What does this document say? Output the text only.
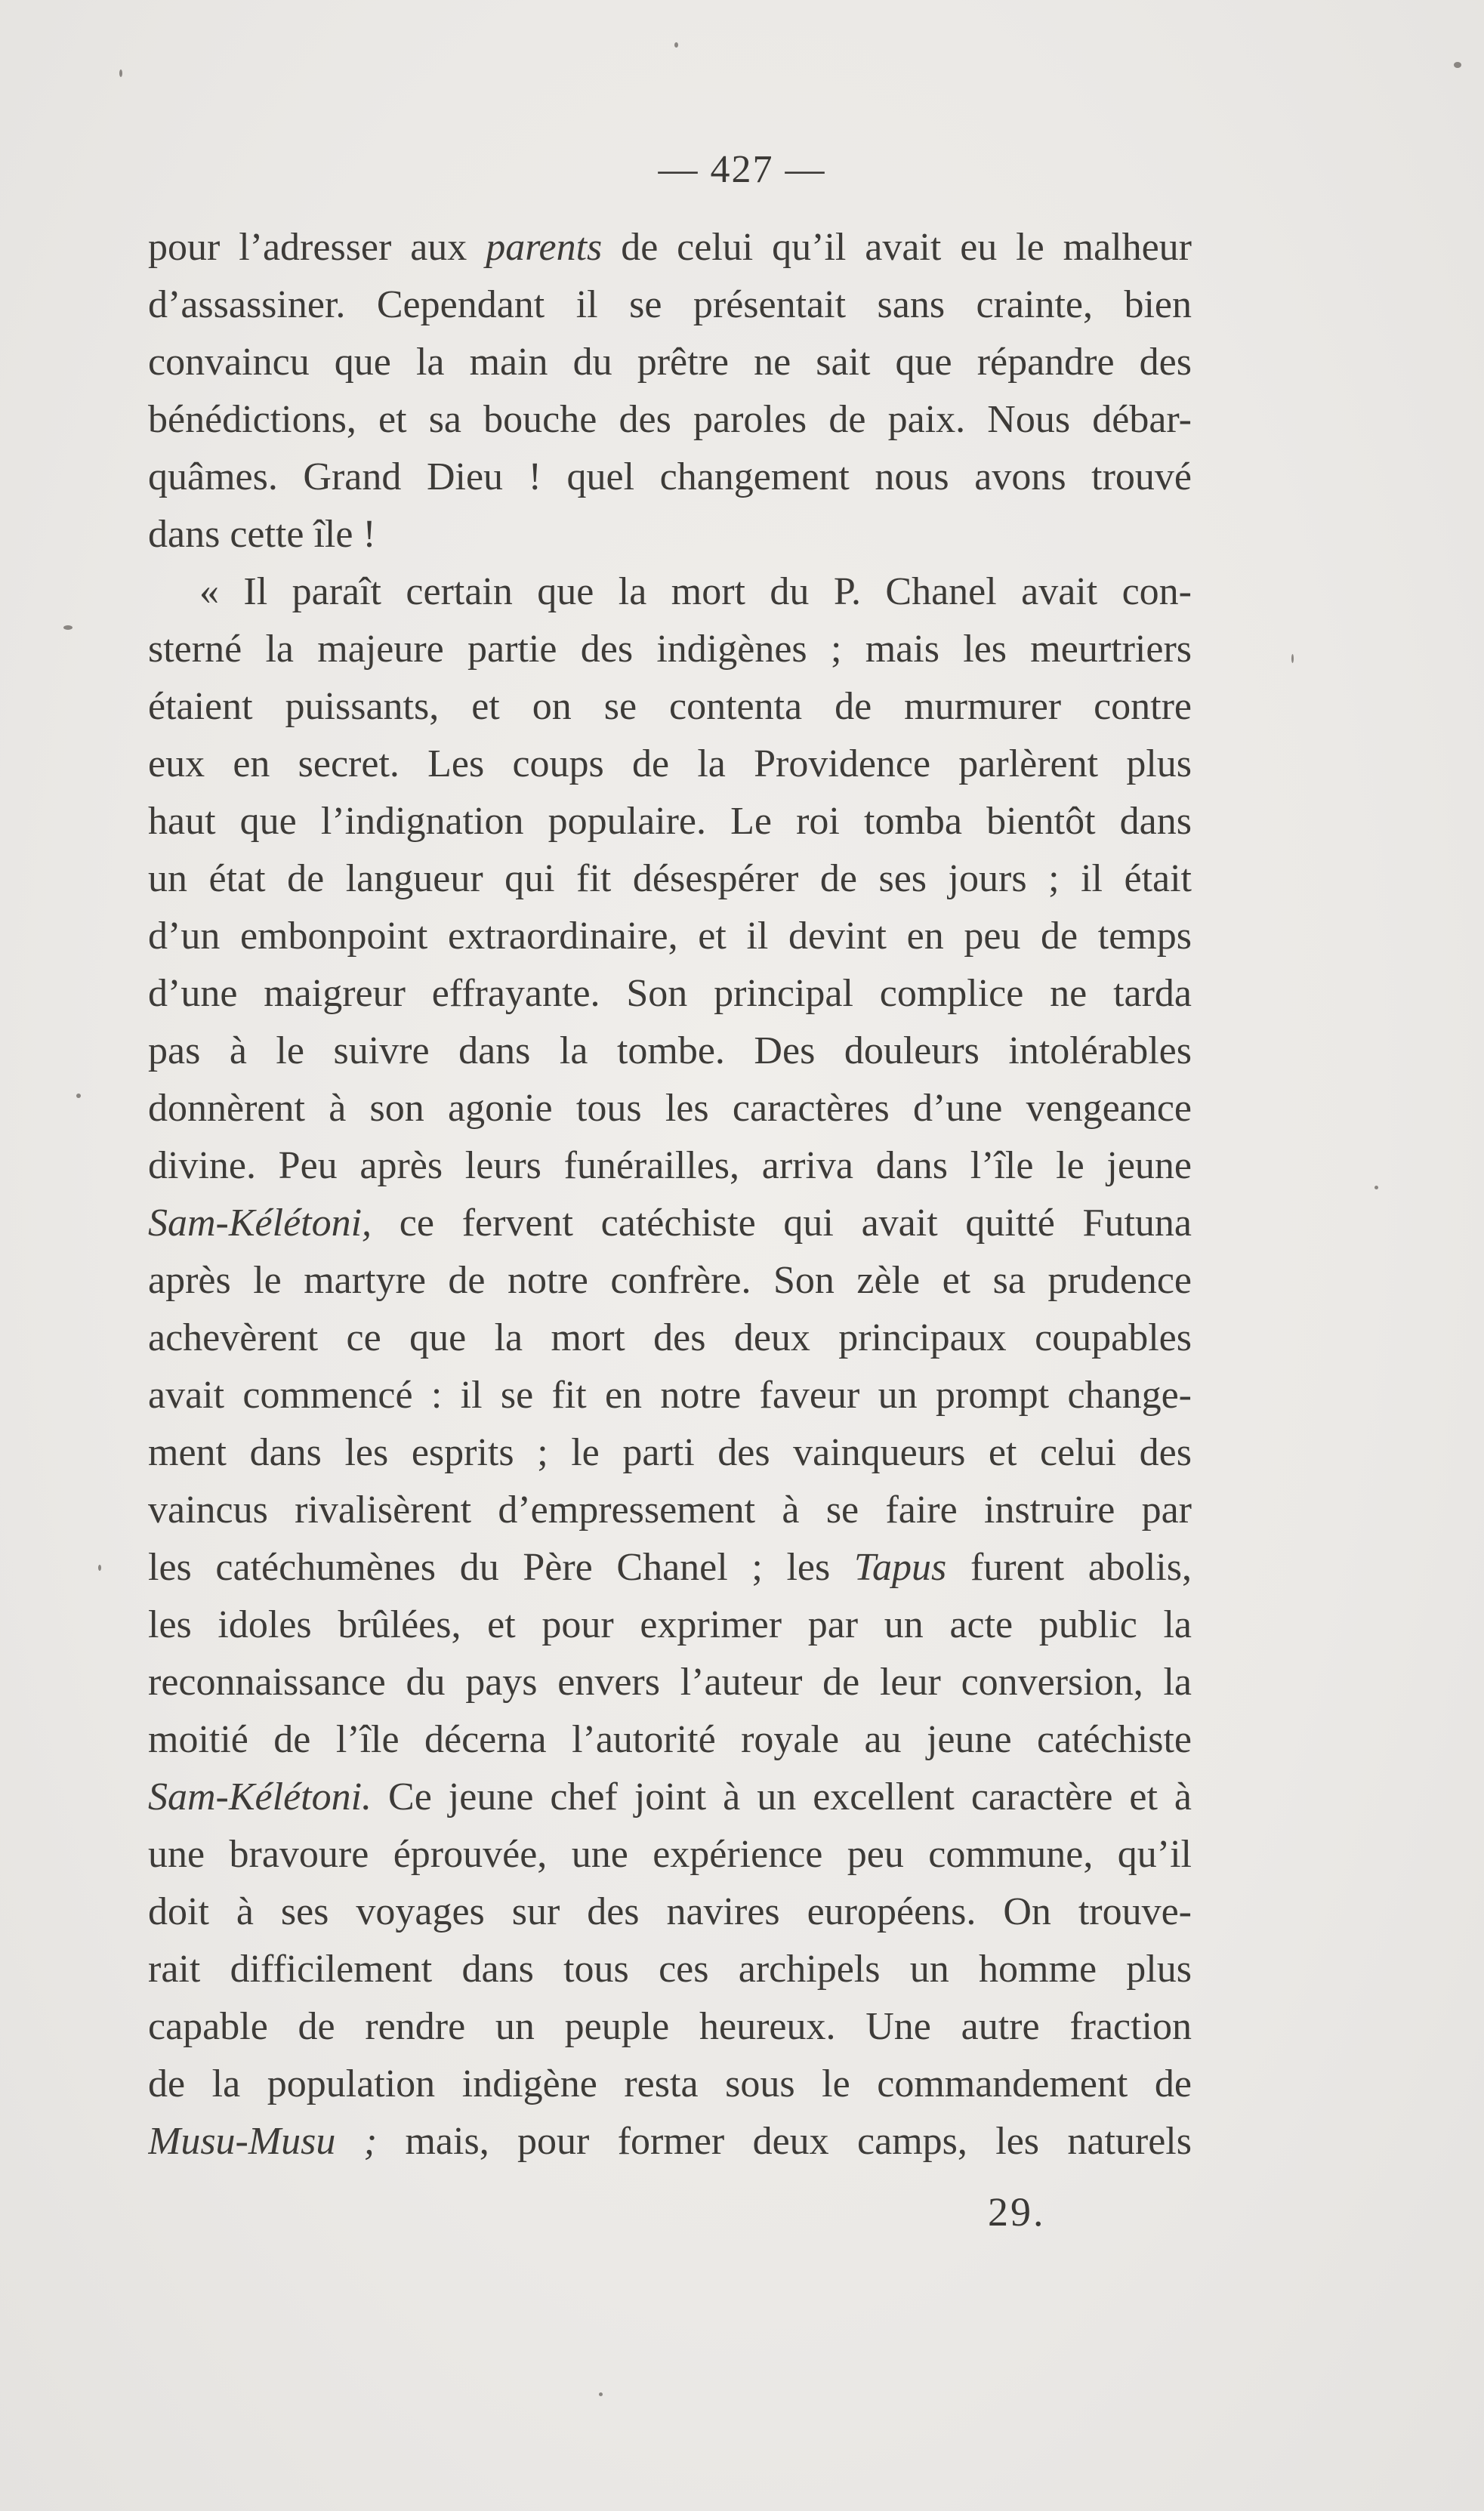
— 427 —
pour l’adresser aux parents de celui qu’il avait eu le malheur
d’assassiner. Cependant il se présentait sans crainte, bien
convaincu que la main du prêtre ne sait que répandre des
bénédictions, et sa bouche des paroles de paix. Nous débar-
quâmes. Grand Dieu ! quel changement nous avons trouvé
dans cette île !
« Il paraît certain que la mort du P. Chanel avait con-
sterné la majeure partie des indigènes ; mais les meurtriers
étaient puissants, et on se contenta de murmurer contre
eux en secret. Les coups de la Providence parlèrent plus
haut que l’indignation populaire. Le roi tomba bientôt dans
un état de langueur qui fit désespérer de ses jours ; il était
d’un embonpoint extraordinaire, et il devint en peu de temps
d’une maigreur effrayante. Son principal complice ne tarda
pas à le suivre dans la tombe. Des douleurs intolérables
donnèrent à son agonie tous les caractères d’une vengeance
divine. Peu après leurs funérailles, arriva dans l’île le jeune
Sam-Kélétoni, ce fervent catéchiste qui avait quitté Futuna
après le martyre de notre confrère. Son zèle et sa prudence
achevèrent ce que la mort des deux principaux coupables
avait commencé : il se fit en notre faveur un prompt change-
ment dans les esprits ; le parti des vainqueurs et celui des
vaincus rivalisèrent d’empressement à se faire instruire par
les catéchumènes du Père Chanel ; les Tapus furent abolis,
les idoles brûlées, et pour exprimer par un acte public la
reconnaissance du pays envers l’auteur de leur conversion, la
moitié de l’île décerna l’autorité royale au jeune catéchiste
Sam-Kélétoni. Ce jeune chef joint à un excellent caractère et à
une bravoure éprouvée, une expérience peu commune, qu’il
doit à ses voyages sur des navires européens. On trouve-
rait difficilement dans tous ces archipels un homme plus
capable de rendre un peuple heureux. Une autre fraction
de la population indigène resta sous le commandement de
Musu-Musu ; mais, pour former deux camps, les naturels
29.
